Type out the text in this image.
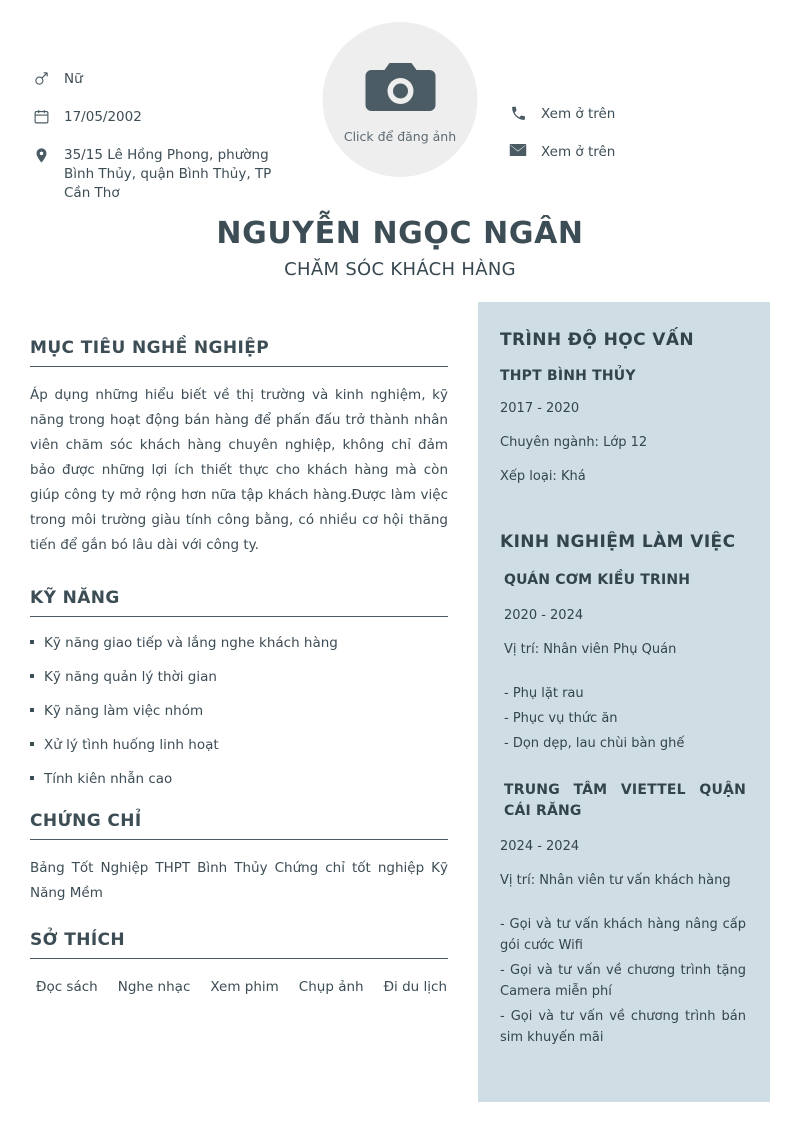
Nữ
17/05/2002
35/15 Lê Hồng Phong, phường Bình Thủy, quận Bình Thủy, TP Cần Thơ
Click để đăng ảnh
Xem ở trên
Xem ở trên
NGUYỄN NGỌC NGÂN
CHĂM SÓC KHÁCH HÀNG
MỤC TIÊU NGHỀ NGHIỆP

Áp dụng những hiểu biết về thị trường và kinh nghiệm, kỹ năng trong hoạt động bán hàng để phấn đấu trở thành nhân viên chăm sóc khách hàng chuyên nghiệp, không chỉ đảm bảo được những lợi ích thiết thực cho khách hàng mà còn giúp công ty mở rộng hơn nữa tập khách hàng.Được làm việc trong môi trường giàu tính công bằng, có nhiều cơ hội thăng tiến để gắn bó lâu dài với công ty.

KỸ NĂNG
Kỹ năng giao tiếp và lắng nghe khách hàng
Kỹ năng quản lý thời gian
Kỹ năng làm việc nhóm
Xử lý tình huống linh hoạt
Tính kiên nhẫn cao
CHỨNG CHỈ

Bảng Tốt Nghiệp THPT Bình Thủy Chứng chỉ tốt nghiệp Kỹ Năng Mềm

SỞ THÍCH
Đọc sách Nghe nhạc Xem phim Chụp ảnh Đi du lịch
TRÌNH ĐỘ HỌC VẤN
THPT BÌNH THỦY
2017 - 2020
Chuyên ngành: Lớp 12
Xếp loại: Khá
KINH NGHIỆM LÀM VIỆC
QUÁN CƠM KIỀU TRINH
2020 - 2024
Vị trí: Nhân viên Phụ Quán
- Phụ lặt rau
- Phục vụ thức ăn
- Dọn dẹp, lau chùi bàn ghế
TRUNG TÂM VIETTEL QUẬN CÁI RĂNG
2024 - 2024
Vị trí: Nhân viên tư vấn khách hàng
- Gọi và tư vấn khách hàng nâng cấp gói cước Wifi
- Gọi và tư vấn về chương trình tặng Camera miễn phí
- Gọi và tư vấn về chương trình bán sim khuyến mãi
